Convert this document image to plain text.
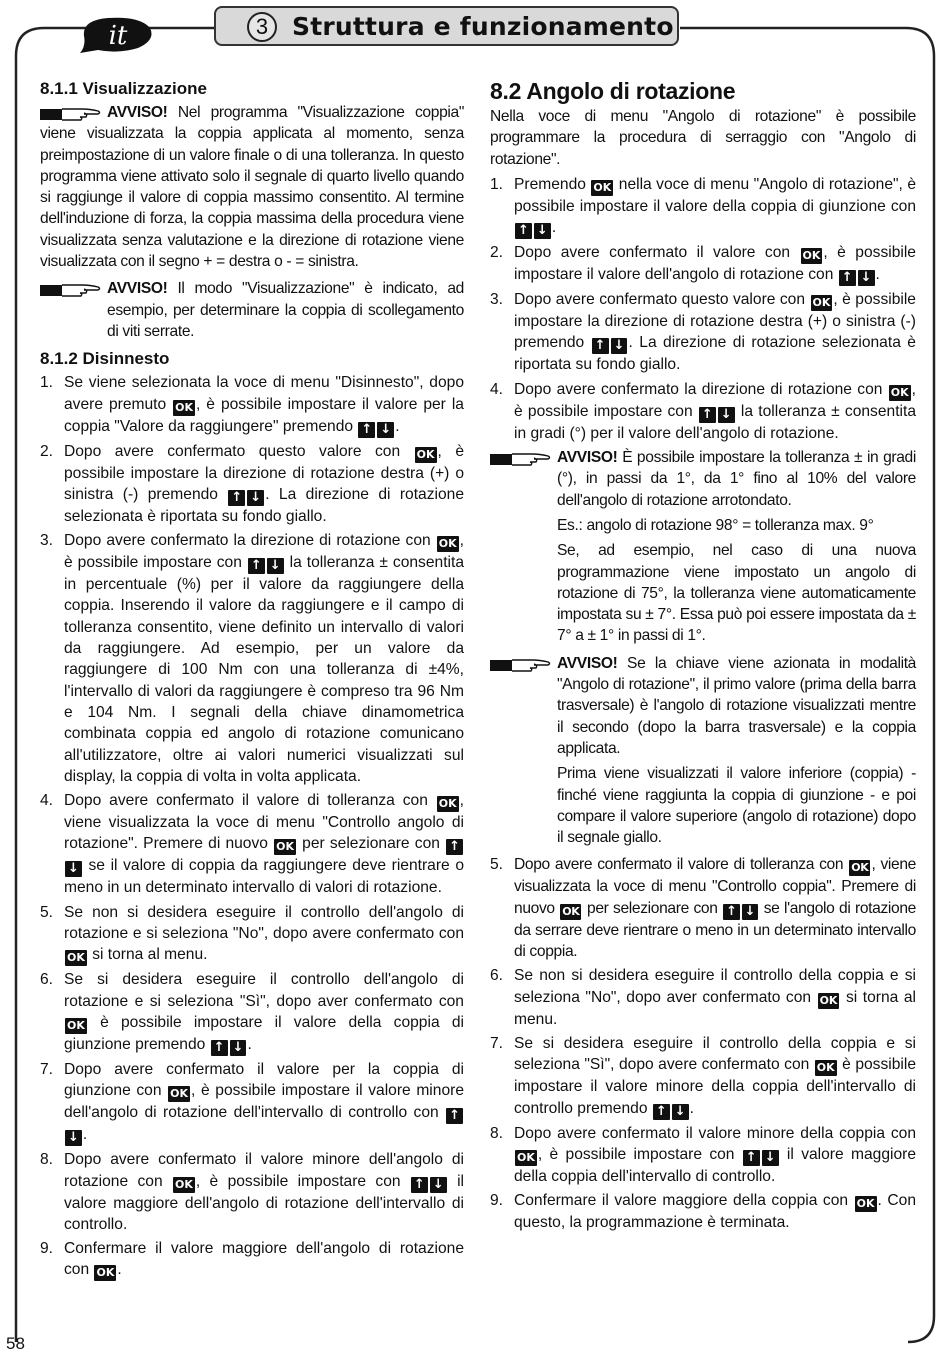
it	3 Struttura e funzionamento
8.1.1 Visualizzazione

AVVISO! Nel programma "Visualizzazione coppia" viene visualizzata la coppia applicata al momento, senza preimpostazione di un valore finale o di una tolleranza. In questo programma viene attivato solo il segnale di quarto livello quando si raggiunge il valore di coppia massimo consentito. Al termine dell'induzione di forza, la coppia massima della procedura viene visualizzata senza valutazione e la direzione di rotazione viene visualizzata con il segno + = destra o - = sinistra.

AVVISO! Il modo "Visualizzazione" è indicato, ad esempio, per determinare la coppia di scollegamento di viti serrate.

8.1.2 Disinnesto
1. Se viene selezionata la voce di menu "Disinnesto", dopo avere premuto OK , è possibile impostare il valore per la coppia "Valore da raggiungere" premendo ↑ ↓ .
2. Dopo avere confermato questo valore con OK , è possibile impostare la direzione di rotazione destra (+) o sinistra (-) premendo ↑ ↓ . La direzione di rotazione selezionata è riportata su fondo giallo.
3. Dopo avere confermato la direzione di rotazione con OK , è possibile impostare con ↑ ↓ la tolleranza ± consentita in percentuale (%) per il valore da raggiungere della coppia. Inserendo il valore da raggiungere e il campo di tolleranza consentito, viene definito un intervallo di valori da raggiungere. Ad esempio, per un valore da raggiungere di 100 Nm con una tolleranza di ±4%, l'intervallo di valori da raggiungere è compreso tra 96 Nm e 104 Nm. I segnali della chiave dinamometrica combinata coppia ed angolo di rotazione comunicano all'utilizzatore, oltre ai valori numerici visualizzati sul display, la coppia di volta in volta applicata.
4. Dopo avere confermato il valore di tolleranza con OK , viene visualizzata la voce di menu "Controllo angolo di rotazione". Premere di nuovo OK per selezionare con ↑↓ se il valore di coppia da raggiungere deve rientrare o meno in un determinato intervallo di valori di rotazione.
5. Se non si desidera eseguire il controllo dell'angolo di rotazione e si seleziona "No", dopo avere confermato con OK si torna al menu.
6. Se si desidera eseguire il controllo dell'angolo di rotazione e si seleziona "Sì", dopo aver confermato con OK è possibile impostare il valore della coppia di giunzione premendo ↑ ↓ .
7. Dopo avere confermato il valore per la coppia di giunzione con OK , è possibile impostare il valore minore dell'angolo di rotazione dell'intervallo di controllo con ↑↓ .
8. Dopo avere confermato il valore minore dell'angolo di rotazione con OK , è possibile impostare con ↑ ↓ il valore maggiore dell'angolo di rotazione dell'intervallo di controllo.
9. Confermare il valore maggiore dell'angolo di rotazione con OK .
8.2 Angolo di rotazione

Nella voce di menu "Angolo di rotazione" è possibile programmare la procedura di serraggio con "Angolo di rotazione".

1. Premendo OK nella voce di menu "Angolo di rotazione", è possibile impostare il valore della coppia di giunzione con ↑ ↓ .
2. Dopo avere confermato il valore con OK , è possibile impostare il valore dell'angolo di rotazione con ↑ ↓ .
3. Dopo avere confermato questo valore con OK , è possibile impostare la direzione di rotazione destra (+) o sinistra (-) premendo ↑ ↓ . La direzione di rotazione selezionata è riportata su fondo giallo.
4. Dopo avere confermato la direzione di rotazione con OK , è possibile impostare con ↑ ↓ la tolleranza ± consentita in gradi (°) per il valore dell'angolo di rotazione.

AVVISO! È possibile impostare la tolleranza ± in gradi (°), in passi da 1°, da 1° fino al 10% del valore dell'angolo di rotazione arrotondato.

Es.: angolo di rotazione 98° = tolleranza max. 9°

Se, ad esempio, nel caso di una nuova programmazione viene impostato un angolo di rotazione di 75°, la tolleranza viene automaticamente impostata su ± 7°. Essa può poi essere impostata da ± 7° a ± 1° in passi di 1°.

AVVISO! Se la chiave viene azionata in modalità "Angolo di rotazione", il primo valore (prima della barra trasversale) è l'angolo di rotazione visualizzati mentre il secondo (dopo la barra trasversale) e la coppia applicata.

Prima viene visualizzati il valore inferiore (coppia) - finché viene raggiunta la coppia di giunzione - e poi compare il valore superiore (angolo di rotazione) dopo il segnale giallo.

5. Dopo avere confermato il valore di tolleranza con OK , viene visualizzata la voce di menu "Controllo coppia". Premere di nuovo OK per selezionare con ↑ ↓ se l'angolo di rotazione da serrare deve rientrare o meno in un determinato intervallo di coppia.
6. Se non si desidera eseguire il controllo della coppia e si seleziona "No", dopo aver confermato con OK si torna al menu.
7. Se si desidera eseguire il controllo della coppia e si seleziona "Sì", dopo avere confermato con OK è possibile impostare il valore minore della coppia dell'intervallo di controllo premendo ↑ ↓ .
8. Dopo avere confermato il valore minore della coppia con OK , è possibile impostare con ↑ ↓ il valore maggiore della coppia dell'intervallo di controllo.
9. Confermare il valore maggiore della coppia con OK . Con questo, la programmazione è terminata.
58
